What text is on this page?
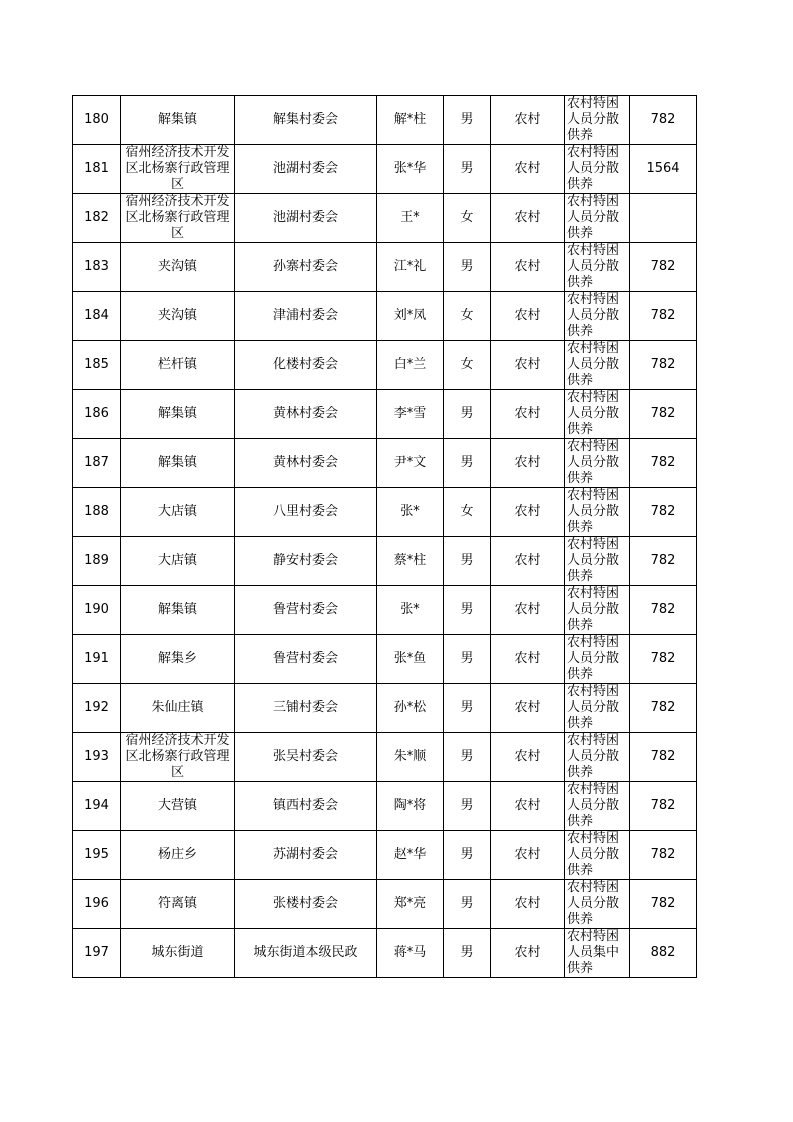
180	解集镇	解集村委会	解*柱	男	农村	农村特困人员分散供养	782

181	宿州经济技术开发区北杨寨行政管理区	池湖村委会	张*华	男	农村	农村特困人员分散供养	1564

182	宿州经济技术开发区北杨寨行政管理区	池湖村委会	王*	女	农村	农村特困人员分散供养	

183	夹沟镇	孙寨村委会	江*礼	男	农村	农村特困人员分散供养	782

184	夹沟镇	津浦村委会	刘*凤	女	农村	农村特困人员分散供养	782

185	栏杆镇	化楼村委会	白*兰	女	农村	农村特困人员分散供养	782

186	解集镇	黄林村委会	李*雪	男	农村	农村特困人员分散供养	782

187	解集镇	黄林村委会	尹*文	男	农村	农村特困人员分散供养	782

188	大店镇	八里村委会	张*	女	农村	农村特困人员分散供养	782

189	大店镇	静安村委会	蔡*柱	男	农村	农村特困人员分散供养	782

190	解集镇	鲁营村委会	张*	男	农村	农村特困人员分散供养	782

191	解集乡	鲁营村委会	张*鱼	男	农村	农村特困人员分散供养	782

192	朱仙庄镇	三铺村委会	孙*松	男	农村	农村特困人员分散供养	782

193	宿州经济技术开发区北杨寨行政管理区	张吴村委会	朱*顺	男	农村	农村特困人员分散供养	782

194	大营镇	镇西村委会	陶*将	男	农村	农村特困人员分散供养	782

195	杨庄乡	苏湖村委会	赵*华	男	农村	农村特困人员分散供养	782

196	符离镇	张楼村委会	郑*亮	男	农村	农村特困人员分散供养	782

197	城东街道	城东街道本级民政	蒋*马	男	农村	农村特困人员集中供养	882
